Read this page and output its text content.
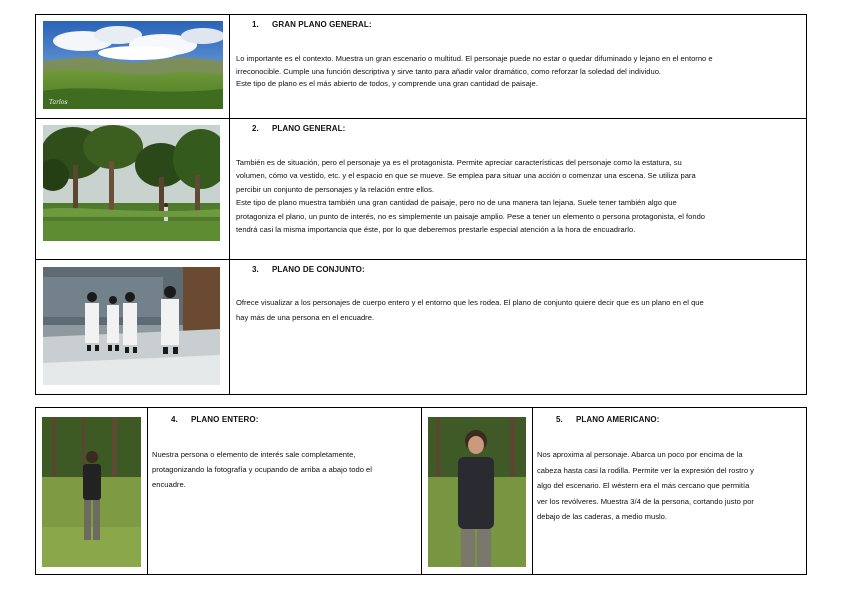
Tarlos
1. GRAN PLANO GENERAL:
Lo importante es el contexto. Muestra un gran escenario o multitud. El personaje puede no estar o quedar difuminado y lejano en el entorno e
irreconocible. Cumple una función descriptiva y sirve tanto para añadir valor dramático, como reforzar la soledad del individuo.
Este tipo de plano es el más abierto de todos, y comprende una gran cantidad de paisaje.
2. PLANO GENERAL:
También es de situación, pero el personaje ya es el protagonista. Permite apreciar características del personaje como la estatura, su
volumen, cómo va vestido, etc. y el espacio en que se mueve. Se emplea para situar una acción o comenzar una escena. Se utiliza para
percibir un conjunto de personajes y la relación entre ellos.
Este tipo de plano muestra también una gran cantidad de paisaje, pero no de una manera tan lejana. Suele tener también algo que
protagoniza el plano, un punto de interés, no es simplemente un paisaje amplio. Pese a tener un elemento o persona protagonista, el fondo
tendrá casi la misma importancia que éste, por lo que deberemos prestarle especial atención a la hora de encuadrarlo.
3. PLANO DE CONJUNTO:
Ofrece visualizar a los personajes de cuerpo entero y el entorno que les rodea. El plano de conjunto quiere decir que es un plano en el que
hay más de una persona en el encuadre.
4. PLANO ENTERO:
Nuestra persona o elemento de interés sale completamente,
protagonizando la fotografía y ocupando de arriba a abajo todo el
encuadre.
5. PLANO AMERICANO:
Nos aproxima al personaje. Abarca un poco por encima de la
cabeza hasta casi la rodilla. Permite ver la expresión del rostro y
algo del escenario. El wéstern era el más cercano que permitía
ver los revólveres. Muestra 3/4 de la persona, cortando justo por
debajo de las caderas, a medio muslo.
